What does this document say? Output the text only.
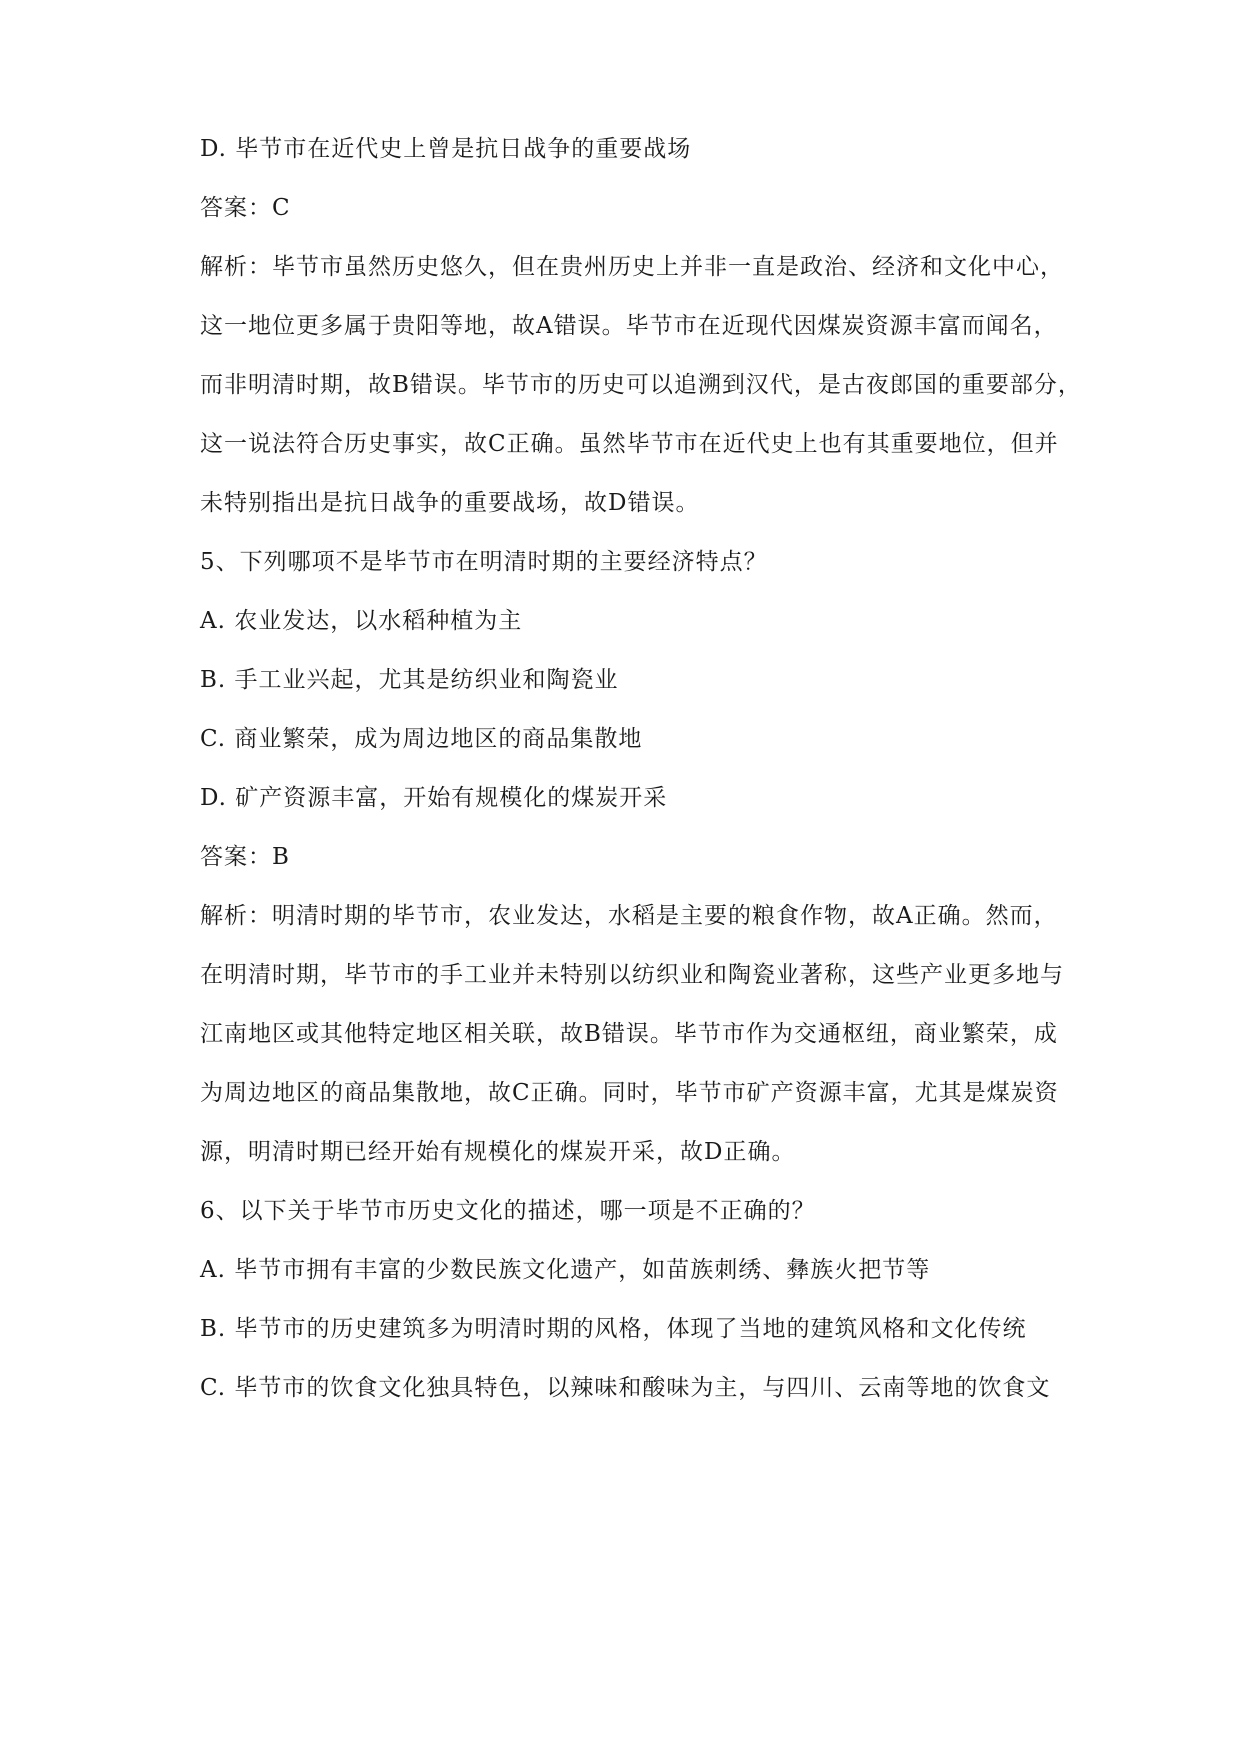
D. 毕节市在近代史上曾是抗日战争的重要战场
答案：C
解析：毕节市虽然历史悠久，但在贵州历史上并非一直是政治、经济和文化中心，
这一地位更多属于贵阳等地，故A错误。毕节市在近现代因煤炭资源丰富而闻名，
而非明清时期，故B错误。毕节市的历史可以追溯到汉代，是古夜郎国的重要部分，
这一说法符合历史事实，故C正确。虽然毕节市在近代史上也有其重要地位，但并
未特别指出是抗日战争的重要战场，故D错误。
5、下列哪项不是毕节市在明清时期的主要经济特点？
A. 农业发达，以水稻种植为主
B. 手工业兴起，尤其是纺织业和陶瓷业
C. 商业繁荣，成为周边地区的商品集散地
D. 矿产资源丰富，开始有规模化的煤炭开采
答案：B
解析：明清时期的毕节市，农业发达，水稻是主要的粮食作物，故A正确。然而，
在明清时期，毕节市的手工业并未特别以纺织业和陶瓷业著称，这些产业更多地与
江南地区或其他特定地区相关联，故B错误。毕节市作为交通枢纽，商业繁荣，成
为周边地区的商品集散地，故C正确。同时，毕节市矿产资源丰富，尤其是煤炭资
源，明清时期已经开始有规模化的煤炭开采，故D正确。
6、以下关于毕节市历史文化的描述，哪一项是不正确的？
A. 毕节市拥有丰富的少数民族文化遗产，如苗族刺绣、彝族火把节等
B. 毕节市的历史建筑多为明清时期的风格，体现了当地的建筑风格和文化传统
C. 毕节市的饮食文化独具特色，以辣味和酸味为主，与四川、云南等地的饮食文
